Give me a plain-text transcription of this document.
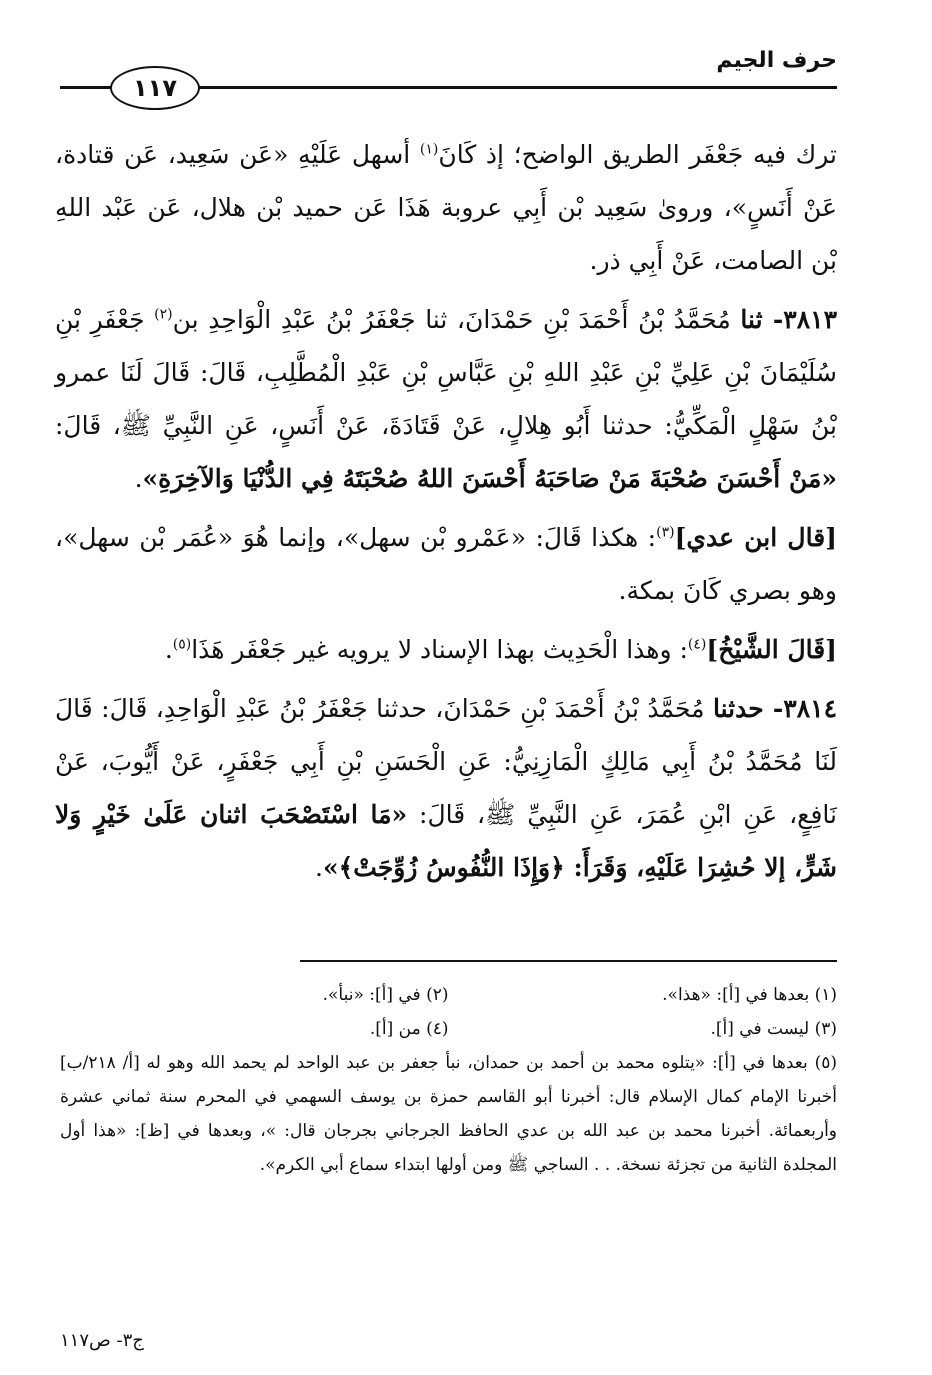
حرف الجيم
١١٧

ترك فيه جَعْفَر الطريق الواضح؛ إذ كَانَ$^{(١)}$ أسهل عَلَيْهِ «عَن سَعِيد، عَن قتادة، عَنْ أَنَسٍ»، وروىٰ سَعِيد بْن أَبِي عروبة هَذَا عَن حميد بْن هلال، عَن عَبْد اللهِ بْن الصامت، عَنْ أَبِي ذر.

٣٨١٣- ثنا مُحَمَّدُ بْنُ أَحْمَدَ بْنِ حَمْدَانَ، ثنا جَعْفَرُ بْنُ عَبْدِ الْوَاحِدِ بن$^{(٢)}$ جَعْفَرِ بْنِ سُلَيْمَانَ بْنِ عَلِيِّ بْنِ عَبْدِ اللهِ بْنِ عَبَّاسِ بْنِ عَبْدِ الْمُطَّلِبِ، قَالَ: قَالَ لَنَا عمرو بْنُ سَهْلٍ الْمَكِّيُّ: حدثنا أَبُو هِلالٍ، عَنْ قَتَادَةَ، عَنْ أَنَسٍ، عَنِ النَّبِيِّ ﷺ، قَالَ: «مَنْ أَحْسَنَ صُحْبَةَ مَنْ صَاحَبَهُ أَحْسَنَ اللهُ صُحْبَتَهُ فِي الدُّنْيَا وَالآخِرَةِ».

[قال ابن عدي]$^{(٣)}$: هكذا قَالَ: «عَمْرو بْن سهل»، وإنما هُوَ «عُمَر بْن سهل»، وهو بصري كَانَ بمكة.

[قَالَ الشَّيْخُ]$^{(٤)}$: وهذا الْحَدِيث بهذا الإسناد لا يرويه غير جَعْفَر هَذَا$^{(٥)}$.

٣٨١٤- حدثنا مُحَمَّدُ بْنُ أَحْمَدَ بْنِ حَمْدَانَ، حدثنا جَعْفَرُ بْنُ عَبْدِ الْوَاحِدِ، قَالَ: قَالَ لَنَا مُحَمَّدُ بْنُ أَبِي مَالِكٍ الْمَازِنِيُّ: عَنِ الْحَسَنِ بْنِ أَبِي جَعْفَرٍ، عَنْ أَيُّوبَ، عَنْ نَافِعٍ، عَنِ ابْنِ عُمَرَ، عَنِ النَّبِيِّ ﷺ، قَالَ: «مَا اسْتَصْحَبَ اثنان عَلَىٰ خَيْرٍ وَلا شَرٍّ، إلا حُشِرَا عَلَيْهِ، وَقَرَأَ: ﴿وَإِذَا النُّفُوسُ زُوِّجَتْ﴾».

(١) بعدها في [أ]: «هذا».
(٢) في [أ]: «نبأ».
(٣) ليست في [أ].
(٤) من [أ].
(٥) بعدها في [أ]: «يتلوه محمد بن أحمد بن حمدان، نبأ جعفر بن عبد الواحد لم يحمد الله وهو له [أ/ ٢١٨/ب] أخبرنا الإمام كمال الإسلام قال: أخبرنا أبو القاسم حمزة بن يوسف السهمي في المحرم سنة ثماني عشرة وأربعمائة. أخبرنا محمد بن عبد الله بن عدي الحافظ الجرجاني بجرجان قال: »، وبعدها في [ظ]: «هذا أول المجلدة الثانية من تجزئة نسخة. . . الساجي ﷺ ومن أولها ابتداء سماع أبي الكرم».
ج٣- ص١١٧
